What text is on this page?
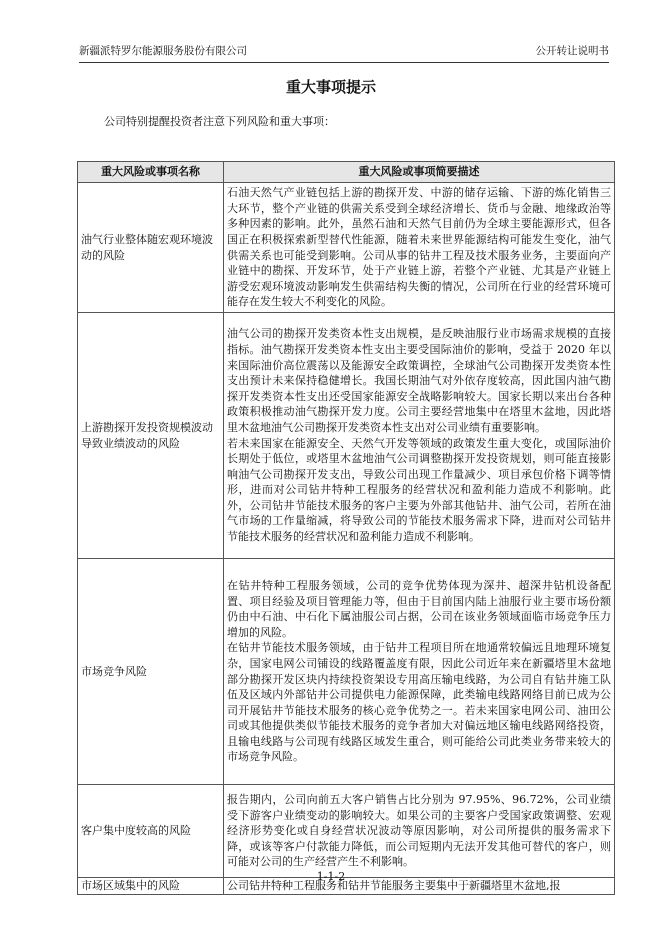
新疆派特罗尔能源服务股份有限公司	公开转让说明书
重大事项提示
公司特别提醒投资者注意下列风险和重大事项：
重大风险或事项名称	重大风险或事项简要描述
油气行业整体随宏观环境波动的风险	石油天然气产业链包括上游的勘探开发、中游的储存运输、下游的炼化销售三大环节，整个产业链的供需关系受到全球经济增长、货币与金融、地缘政治等多种因素的影响。此外，虽然石油和天然气目前仍为全球主要能源形式，但各国正在积极探索新型替代性能源，随着未来世界能源结构可能发生变化，油气供需关系也可能受到影响。公司从事的钻井工程及技术服务业务，主要面向产业链中的勘探、开发环节，处于产业链上游，若整个产业链、尤其是产业链上游受宏观环境波动影响发生供需结构失衡的情况，公司所在行业的经营环境可能存在发生较大不利变化的风险。

上游勘探开发投资规模波动导致业绩波动的风险	油气公司的勘探开发类资本性支出规模，是反映油服行业市场需求规模的直接指标。油气勘探开发类资本性支出主要受国际油价的影响，受益于 2020 年以来国际油价高位震荡以及能源安全政策调控，全球油气公司勘探开发类资本性支出预计未来保持稳健增长。我国长期油气对外依存度较高，因此国内油气勘探开发类资本性支出还受国家能源安全战略影响较大。国家长期以来出台各种政策积极推动油气勘探开发力度。公司主要经营地集中在塔里木盆地，因此塔里木盆地油气公司勘探开发类资本性支出对公司业绩有重要影响。

若未来国家在能源安全、天然气开发等领域的政策发生重大变化，或国际油价长期处于低位，或塔里木盆地油气公司调整勘探开发投资规划，则可能直接影响油气公司勘探开发支出，导致公司出现工作量减少、项目承包价格下调等情形，进而对公司钻井特种工程服务的经营状况和盈利能力造成不利影响。此外，公司钻井节能技术服务的客户主要为外部其他钻井、油气公司，若所在油气市场的工作量缩减，将导致公司的节能技术服务需求下降，进而对公司钻井节能技术服务的经营状况和盈利能力造成不利影响。

市场竞争风险	在钻井特种工程服务领域，公司的竞争优势体现为深井、超深井钻机设备配置、项目经验及项目管理能力等，但由于目前国内陆上油服行业主要市场份额仍由中石油、中石化下属油服公司占据，公司在该业务领域面临市场竞争压力增加的风险。

在钻井节能技术服务领域，由于钻井工程项目所在地通常较偏远且地理环境复杂，国家电网公司铺设的线路覆盖度有限，因此公司近年来在新疆塔里木盆地部分勘探开发区块内持续投资架设专用高压输电线路，为公司自有钻井施工队伍及区域内外部钻井公司提供电力能源保障，此类输电线路网络目前已成为公司开展钻井节能技术服务的核心竞争优势之一。若未来国家电网公司、油田公司或其他提供类似节能技术服务的竞争者加大对偏远地区输电线路网络投资，且输电线路与公司现有线路区域发生重合，则可能给公司此类业务带来较大的市场竞争风险。

客户集中度较高的风险	报告期内，公司向前五大客户销售占比分别为 97.95%、96.72%，公司业绩受下游客户业绩变动的影响较大。如果公司的主要客户受国家政策调整、宏观经济形势变化或自身经营状况波动等原因影响，对公司所提供的服务需求下降，或该等客户付款能力降低，而公司短期内无法开发其他可替代的客户，则可能对公司的生产经营产生不利影响。

市场区域集中的风险	公司钻井特种工程服务和钻井节能服务主要集中于新疆塔里木盆地,报

1-1-2
